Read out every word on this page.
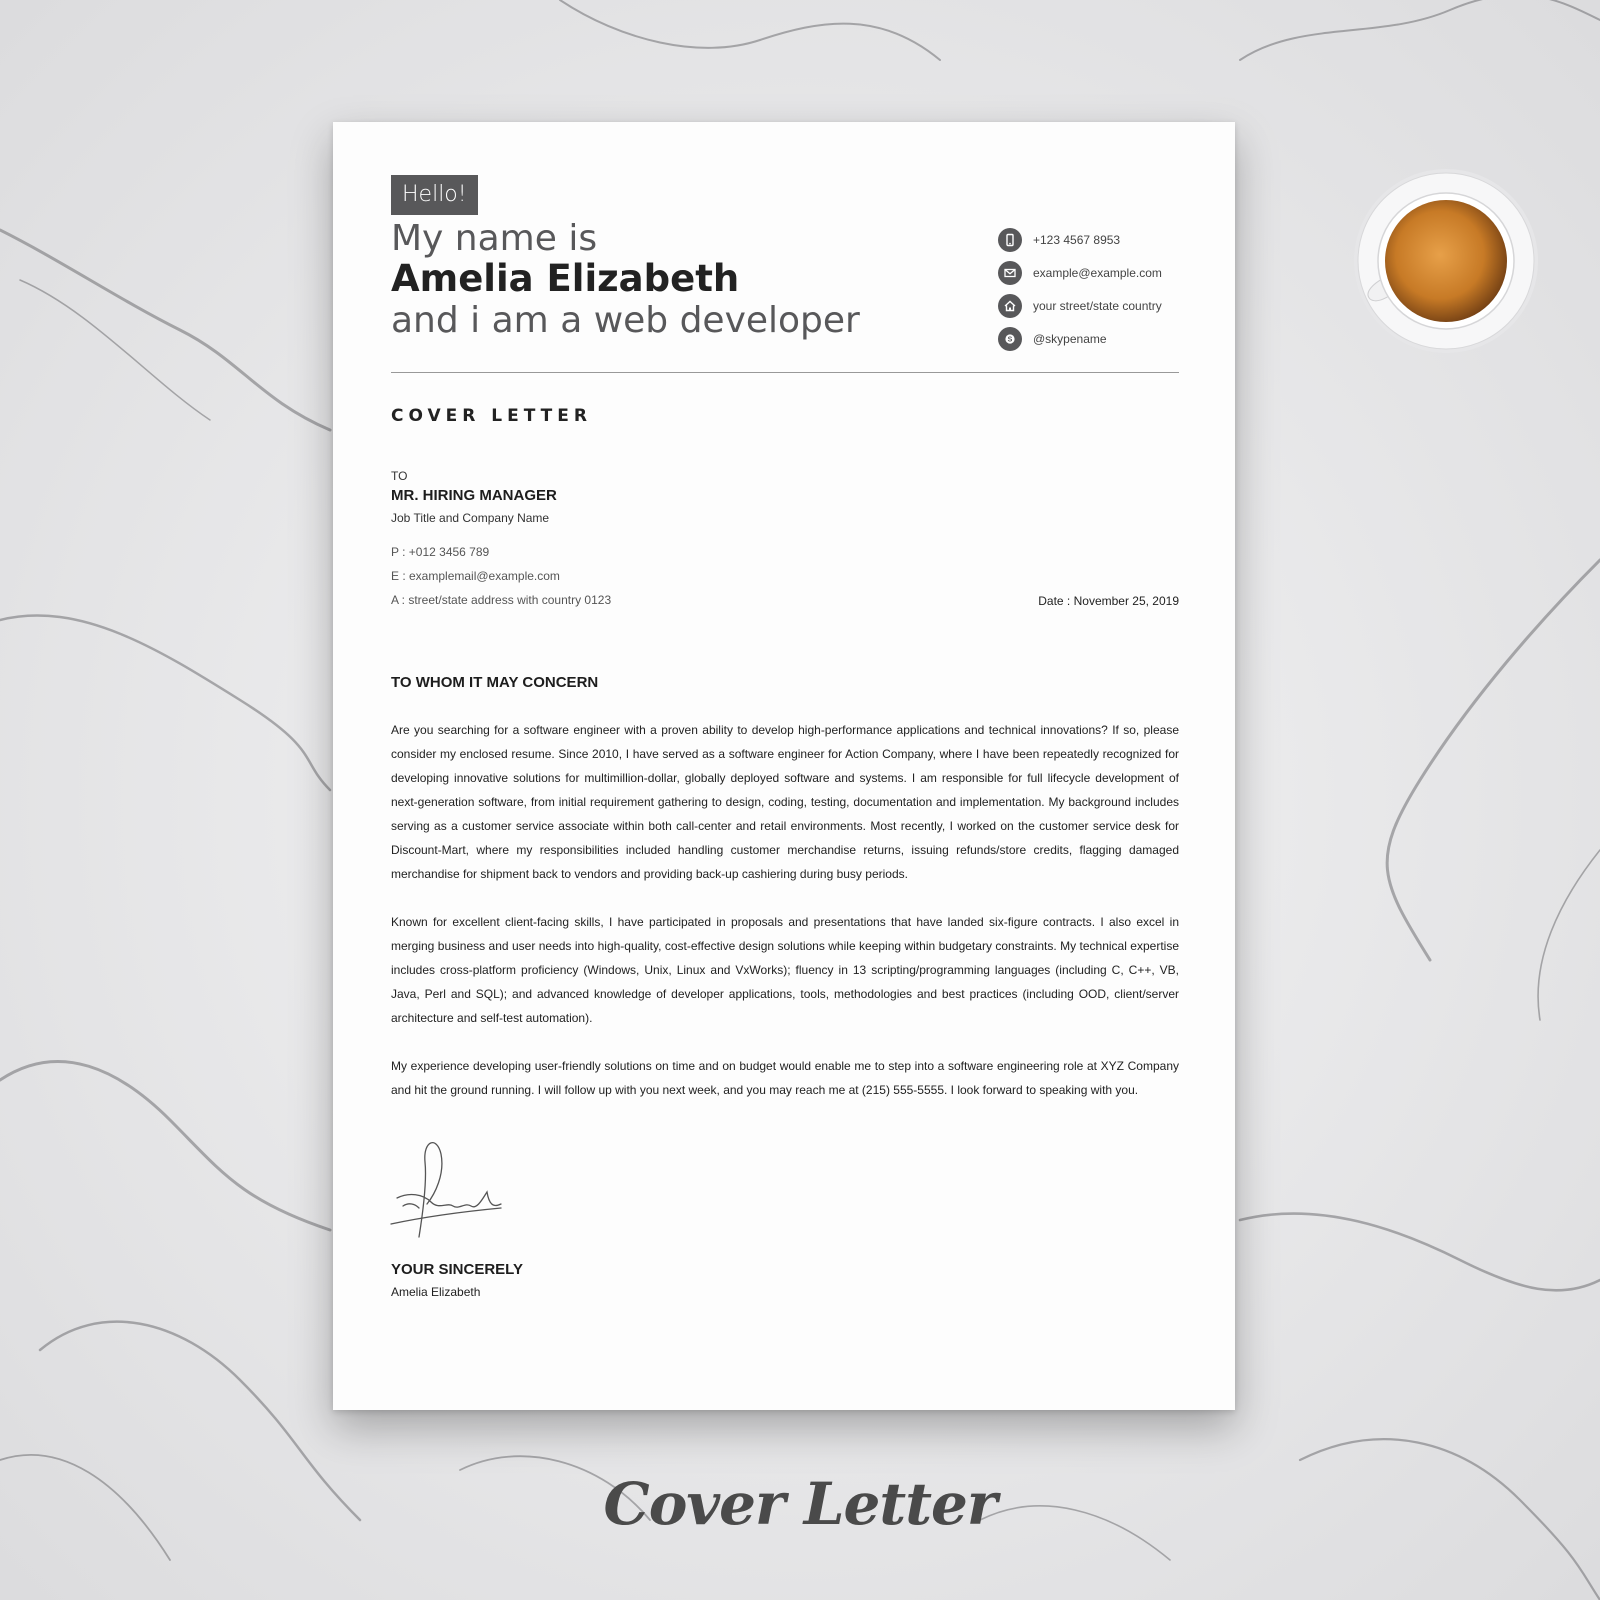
Hello!
My name is
Amelia Elizabeth
and i am a web developer
+123 4567 8953
example@example.com
your street/state country
S @skypename
COVER LETTER
TO
MR. HIRING MANAGER
Job Title and Company Name
P : +012 3456 789
E : examplemail@example.com
A : street/state address with country 0123	Date : November 25, 2019
TO WHOM IT MAY CONCERN

Are you searching for a software engineer with a proven ability to develop high-performance applications and technical innovations? If so, please consider my enclosed resume. Since 2010, I have served as a software engineer for Action Company, where I have been repeatedly recognized for developing innovative solutions for multimillion-dollar, globally deployed software and systems. I am responsible for full lifecycle development of next-generation software, from initial requirement gathering to design, coding, testing, documentation and implementation. My background includes serving as a customer service associate within both call-center and retail environments. Most recently, I worked on the customer service desk for Discount-Mart, where my responsibilities included handling customer merchandise returns, issuing refunds/store credits, flagging damaged merchandise for shipment back to vendors and providing back-up cashiering during busy periods.

Known for excellent client-facing skills, I have participated in proposals and presentations that have landed six-figure contracts. I also excel in merging business and user needs into high-quality, cost-effective design solutions while keeping within budgetary constraints. My technical expertise includes cross-platform proficiency (Windows, Unix, Linux and VxWorks); fluency in 13 scripting/programming languages (including C, C++, VB, Java, Perl and SQL); and advanced knowledge of developer applications, tools, methodologies and best practices (including OOD, client/server architecture and self-test automation).

My experience developing user-friendly solutions on time and on budget would enable me to step into a software engineering role at XYZ Company and hit the ground running. I will follow up with you next week, and you may reach me at (215) 555-5555. I look forward to speaking with you.

YOUR SINCERELY
Amelia Elizabeth
Cover Letter
